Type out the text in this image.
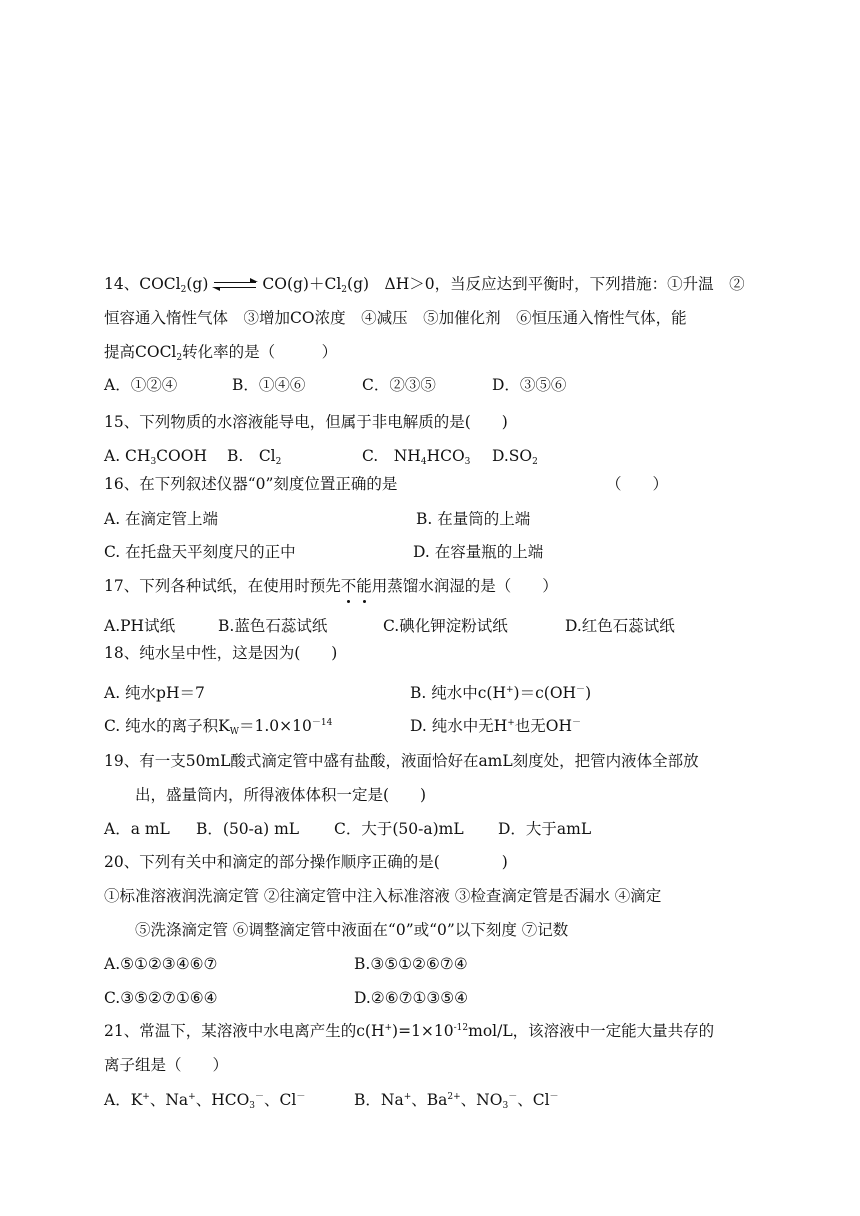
14、COCl$_2$(g)	$CO(g)+Cl_2(g)$　ΔH＞0，当反应达到平衡时，下列措施：①升温　②
恒容通入惰性气体　③增加CO浓度　④减压　⑤加催化剂　⑥恒压通入惰性气体，能
提高COCl$_2$转化率的是（　　　）
A．①②④	B．①④⑥	C．②③⑤	D．③⑤⑥
15、下列物质的水溶液能导电，但属于非电解质的是(　　)
A. $CH_3COOH$ B.　$Cl_2$	C.　$NH_4HCO_3$ $D.SO_2$
16、在下列叙述仪器“0”刻度位置正确的是	（　　）
A. 在滴定管上端	B. 在量筒的上端
C. 在托盘天平刻度尺的正中	D. 在容量瓶的上端
17、下列各种试纸，在使用时预先不能用蒸馏水润湿的是（　　）
A.PH试纸	B.蓝色石蕊试纸	C.碘化钾淀粉试纸	D.红色石蕊试纸
18、纯水呈中性，这是因为(　　)
A. 纯水pH＝7	B. 纯水中c(H+)＝c(OH－)
C. 纯水的离子积$K_W=1.0\times 10^{-14}$	D. 纯水中无H+也无OH－
19、有一支50mL酸式滴定管中盛有盐酸，液面恰好在amL刻度处，把管内液体全部放
出，盛量筒内，所得液体体积一定是(　　)
A．a mL B．(50-a) mL C．大于(50-a)mL D．大于amL
20、下列有关中和滴定的部分操作顺序正确的是(　　　　)
①标准溶液润洗滴定管 ②往滴定管中注入标准溶液 ③检查滴定管是否漏水 ④滴定
⑤洗涤滴定管 ⑥调整滴定管中液面在“0”或“0”以下刻度 ⑦记数
A.⑤①②③④⑥⑦	B.③⑤①②⑥⑦④
C.③⑤②⑦①⑥④	D.②⑥⑦①③⑤④
21、常温下，某溶液中水电离产生的$c(H^+)=1\times 10^{-12}mol/L$，该溶液中一定能大量共存的
离子组是（　　）
A．K+、Na+、$HCO_3^-$、Cl－	B．Na+、$Ba^{2+}$、$NO_3^-$、Cl－
